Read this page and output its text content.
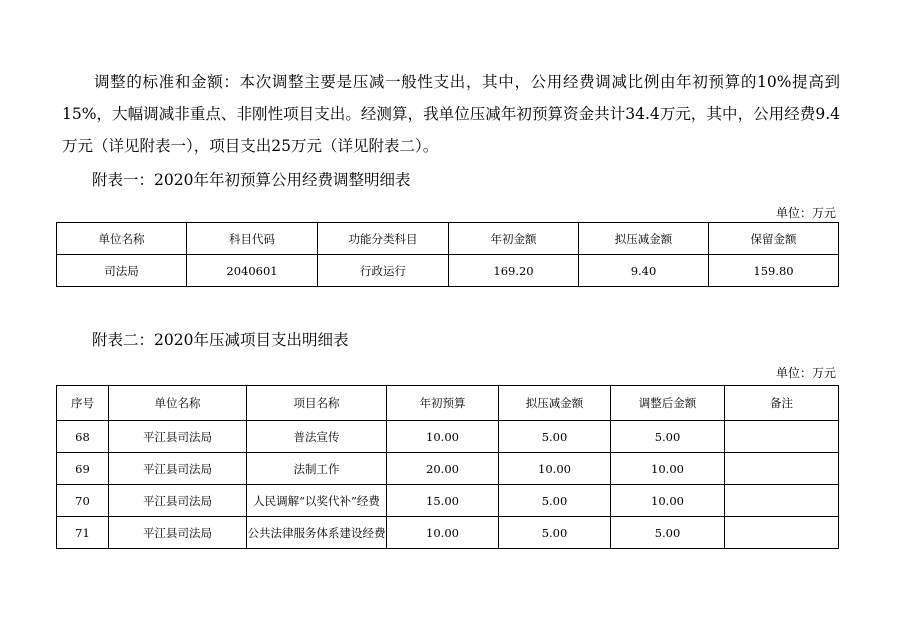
调整的标准和金额：本次调整主要是压减一般性支出，其中，公用经费调减比例由年初预算的10%提高到15%，大幅调减非重点、非刚性项目支出。经测算，我单位压减年初预算资金共计34.4万元，其中，公用经费9.4万元（详见附表一），项目支出25万元（详见附表二）。

附表一：2020年年初预算公用经费调整明细表
单位：万元
单位名称	科目代码	功能分类科目	年初金额	拟压减金额	保留金额
司法局	2040601	行政运行	169.20	9.40	159.80
附表二：2020年压减项目支出明细表
单位：万元
序号	单位名称	项目名称	年初预算	拟压减金额	调整后金额	备注
68	平江县司法局	普法宣传	10.00	5.00	5.00	
69	平江县司法局	法制工作	20.00	10.00	10.00	
70	平江县司法局	人民调解“以奖代补”经费	15.00	5.00	10.00	
71	平江县司法局	公共法律服务体系建设经费	10.00	5.00	5.00	
